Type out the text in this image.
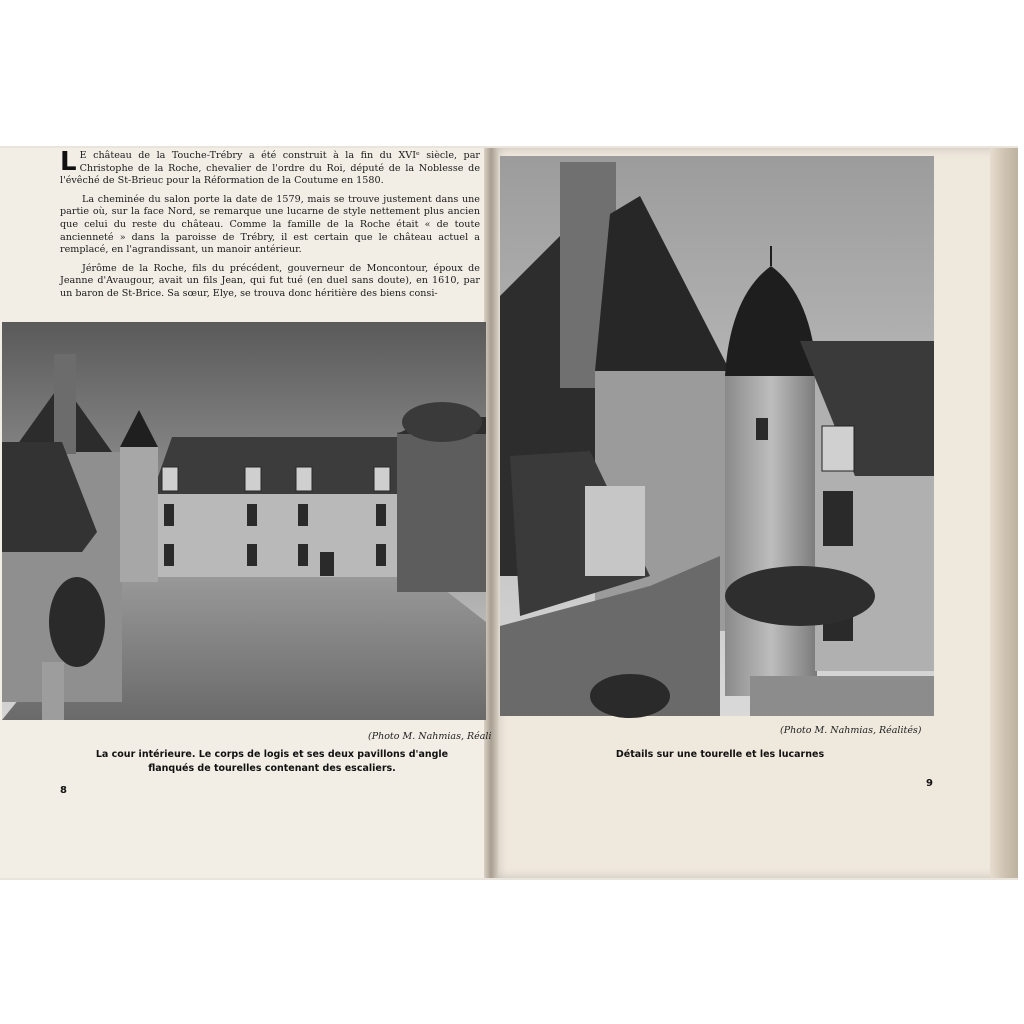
L E château de la Touche-Trébry a été construit à la fin du XVIᵉ siècle, par Christophe de la Roche, chevalier de l'ordre du Roi, député de la Noblesse de l'évêché de St-Brieuc pour la Réformation de la Coutume en 1580.

La cheminée du salon porte la date de 1579, mais se trouve justement dans une partie où, sur la face Nord, se remarque une lucarne de style nettement plus ancien que celui du reste du château. Comme la famille de la Roche était « de toute ancienneté » dans la paroisse de Trébry, il est certain que le château actuel a remplacé, en l'agrandissant, un manoir antérieur.

Jérôme de la Roche, fils du précédent, gouverneur de Moncontour, époux de Jeanne d'Avaugour, avait un fils Jean, qui fut tué (en duel sans doute), en 1610, par un baron de St-Brice. Sa sœur, Elye, se trouva donc héritière des biens consi-

(Photo M. Nahmias, Réali
La cour intérieure. Le corps de logis et ses deux pavillons d'angle
flanqués de tourelles contenant des escaliers.
8
(Photo M. Nahmias, Réalités)
Détails sur une tourelle et les lucarnes
9
